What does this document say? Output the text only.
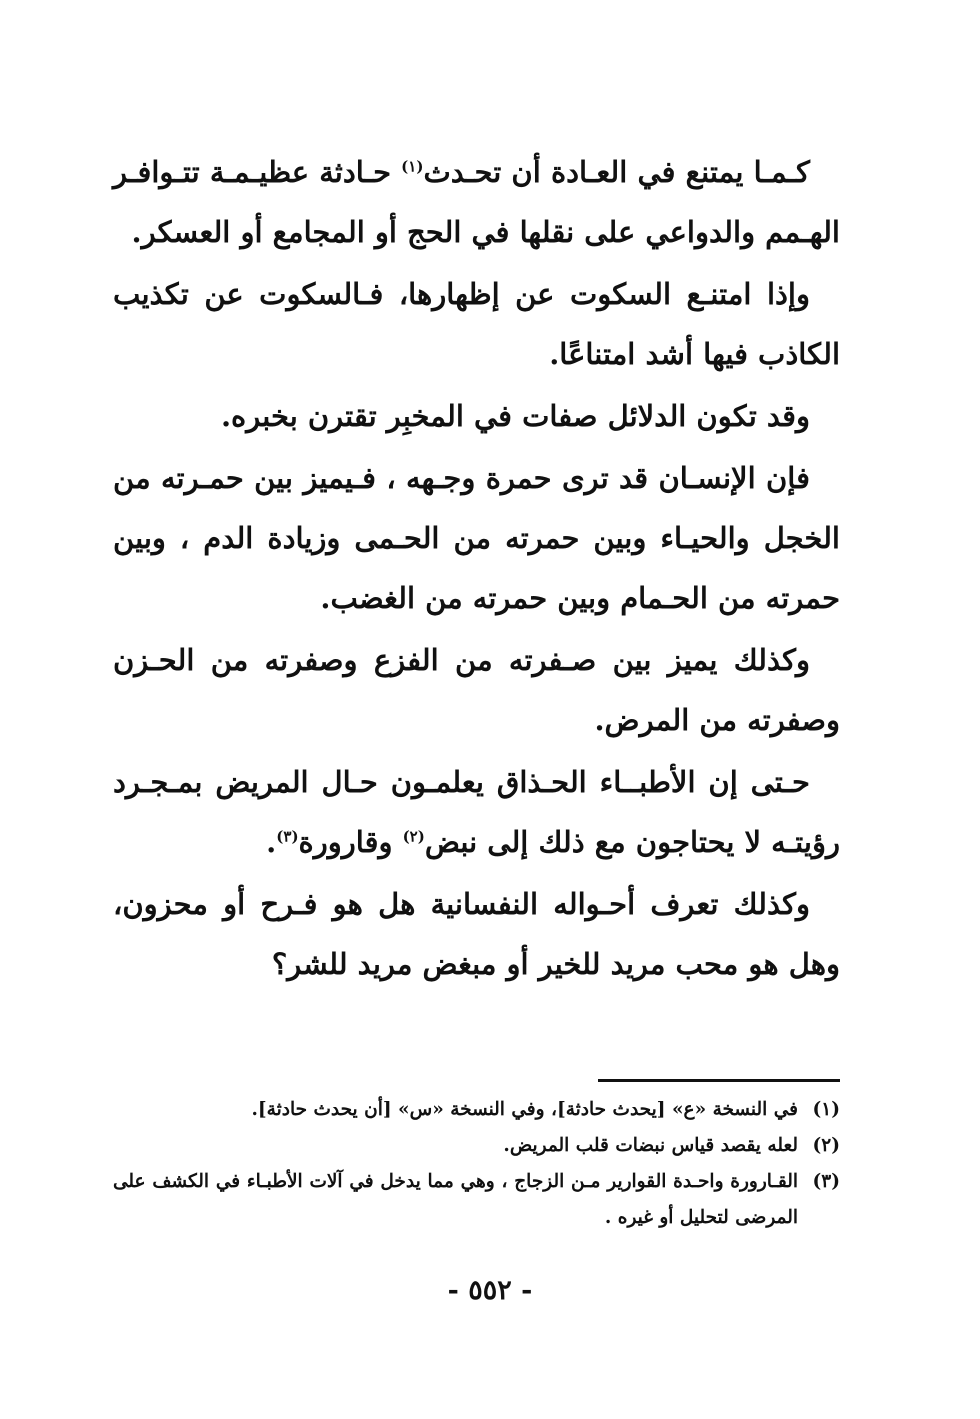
كـمـا يمتنع في العـادة أن تحـدث$^{(١)}$ حـادثة عظيـمـة تتـوافـر الهـمم والدواعي على نقلها في الحج أو المجامع أو العسكر.

وإذا امتنـع السكوت عن إظهارها، فـالسكوت عن تكذيب الكاذب فيها أشد امتناعًا.

وقد تكون الدلائل صفات في المخبِر تقترن بخبره.

فإن الإنسـان قد ترى حمرة وجـهه ، فـيميز بين حمـرته من الخجل والحيـاء وبين حمرته من الحـمى وزيادة الدم ، وبين حمرته من الحـمام وبين حمرته من الغضب.

وكذلك يميز بين صـفرته من الفزع وصفرته من الحـزن وصفرته من المرض.

حـتى إن الأطبــاء الحـذاق يعلمـون حـال المريض بمـجـرد رؤيتـه لا يحتاجون مع ذلك إلى نبض$^{(٢)}$ وقارورة$^{(٣)}$.

وكذلك تعرف أحـواله النفسانية هل هو فـرح أو محزون، وهل هو محب مريد للخير أو مبغض مريد للشر؟

(١)في النسخة «ع» [يحدث حادثة]، وفي النسخة «س» [أن يحدث حادثة].

(٢)لعله يقصد قياس نبضات قلب المريض.

(٣)القـارورة واحـدة القوارير مـن الزجاج ، وهي مما يدخل في آلات الأطبـاء في الكشف على المرضى لتحليل أو غيره .

- ٥٥٢ -
